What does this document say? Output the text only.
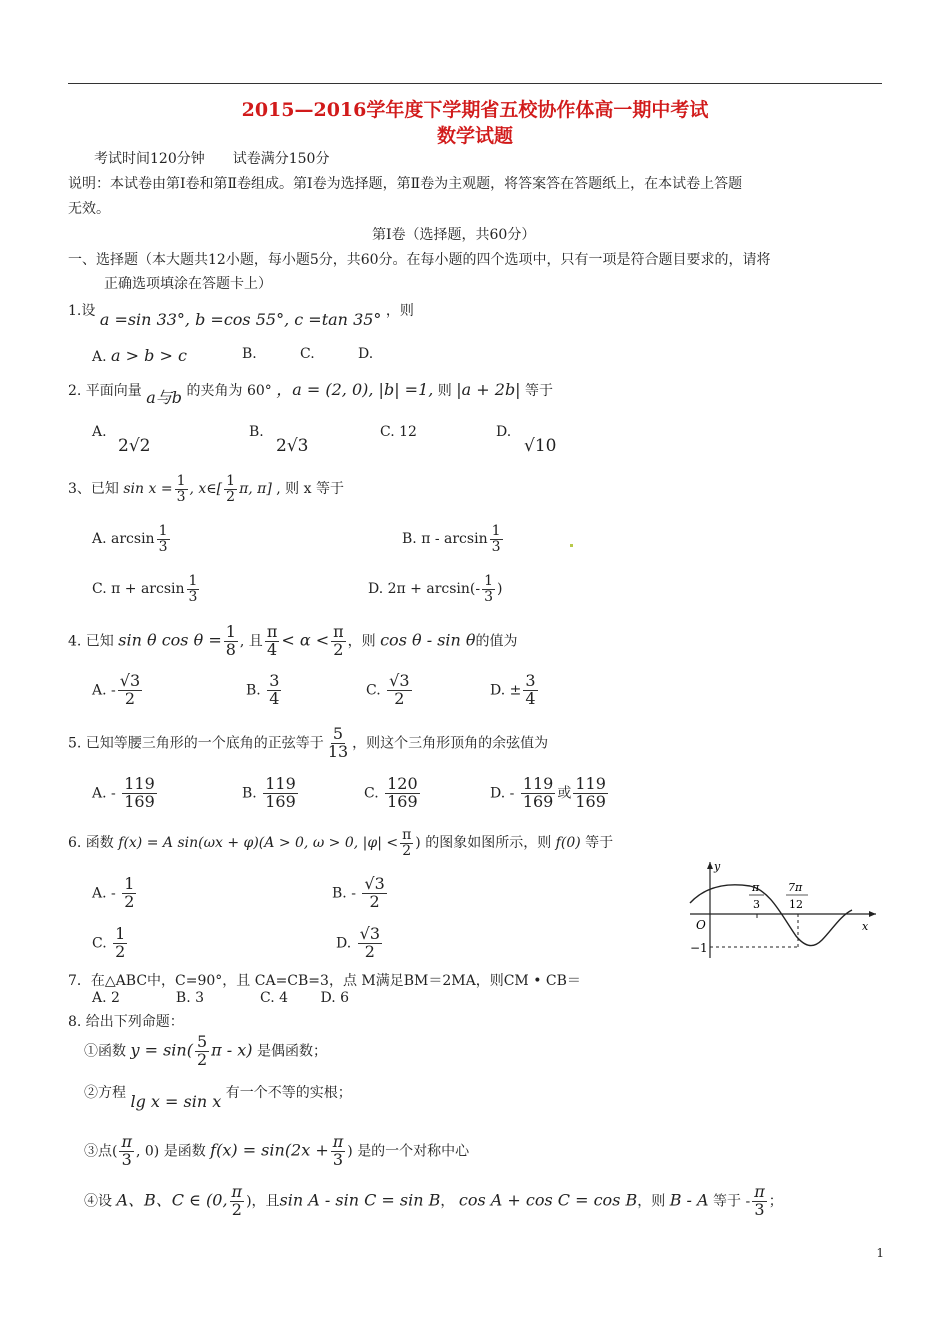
2015—2016学年度下学期省五校协作体高一期中考试
数学试题
考试时间120分钟　　试卷满分150分
说明：本试卷由第Ⅰ卷和第Ⅱ卷组成。第Ⅰ卷为选择题，第Ⅱ卷为主观题，将答案答在答题纸上，在本试卷上答题
无效。
第Ⅰ卷（选择题，共60分）
一、选择题（本大题共12小题，每小题5分，共60分。在每小题的四个选项中，只有一项是符合题目要求的，请将
正确选项填涂在答题卡上）
1.设 a =sin 33°, b =cos 55°, c =tan 35° ，则
A. a > b > c	B.	C.	D.
2. 平面向量 a与b 的夹角为 60° ，a = (2, 0), |b| =1, 则 |a + 2b| 等于
A.
2√2
B.
2√3
C. 12	D.
√10
3、已知 $\sin x = \frac{1}{3}$ , x∈[ $\frac{1}{2} \pi$, π] , 则 x 等于
A. $\arcsin \frac{1}{3}$	B. π - $\arcsin \frac{1}{3}$
C. $\pi + \arcsin \frac{1}{3}$	D. $2\pi + \arcsin(- \frac{1}{3}$ )
4. 已知 sin θ $\cos \theta = \frac{1}{8}$ , 且 $\frac{\pi}{4} < \alpha < \frac{\pi}{2}$ ，则 cos θ - sin θ的值为
A. - $\frac{√3}{2}$	B. $\frac{3}{4}$	C. $\frac{√3}{2}$	D. ± $\frac{3}{4}$
5. 已知等腰三角形的一个底角的正弦等于 $\frac{5}{13}$ ，则这个三角形顶角的余弦值为
A. - $\frac{119}{169}$	B. $\frac{119}{169}$	C. $\frac{120}{169}$	D. - $\frac{119}{169}$ 或 $\frac{119}{169}$
6. 函数 f(x) = A sin(ωx + φ)(A > 0, ω > 0, $|\varphi| < \frac{\pi}{2}$ ) 的图象如图所示，则 f(0) 等于
A. - $\frac{1}{2}$	B. - $\frac{√3}{2}$
C. $\frac{1}{2}$	D. $\frac{√3}{2}$
y
x
O
−1
π
3
7π
12
7．在△ABC中，C=90°，且 CA=CB=3，点 M满足BM＝2MA，则CM • CB＝
A. 2　　　　B. 3　　　　C. 4　　 D. 6
8. 给出下列命题：
①函数 $y = \sin( \frac{5}{2}$ π - x) 是偶函数；
②方程 lg x = sin x 有一个不等的实根；
③点( $\frac{\pi}{3}$ , 0) 是函数 $f(x) = \sin(2x + \frac{\pi}{3}$ ) 是的一个对称中心
④设 A、B、C ∈ (0, $\frac{\pi}{2}$ )，且sin A - sin C = sin B， cos A + cos C = cos B，则 B - A 等于 - $\frac{\pi}{3}$ ；
1
